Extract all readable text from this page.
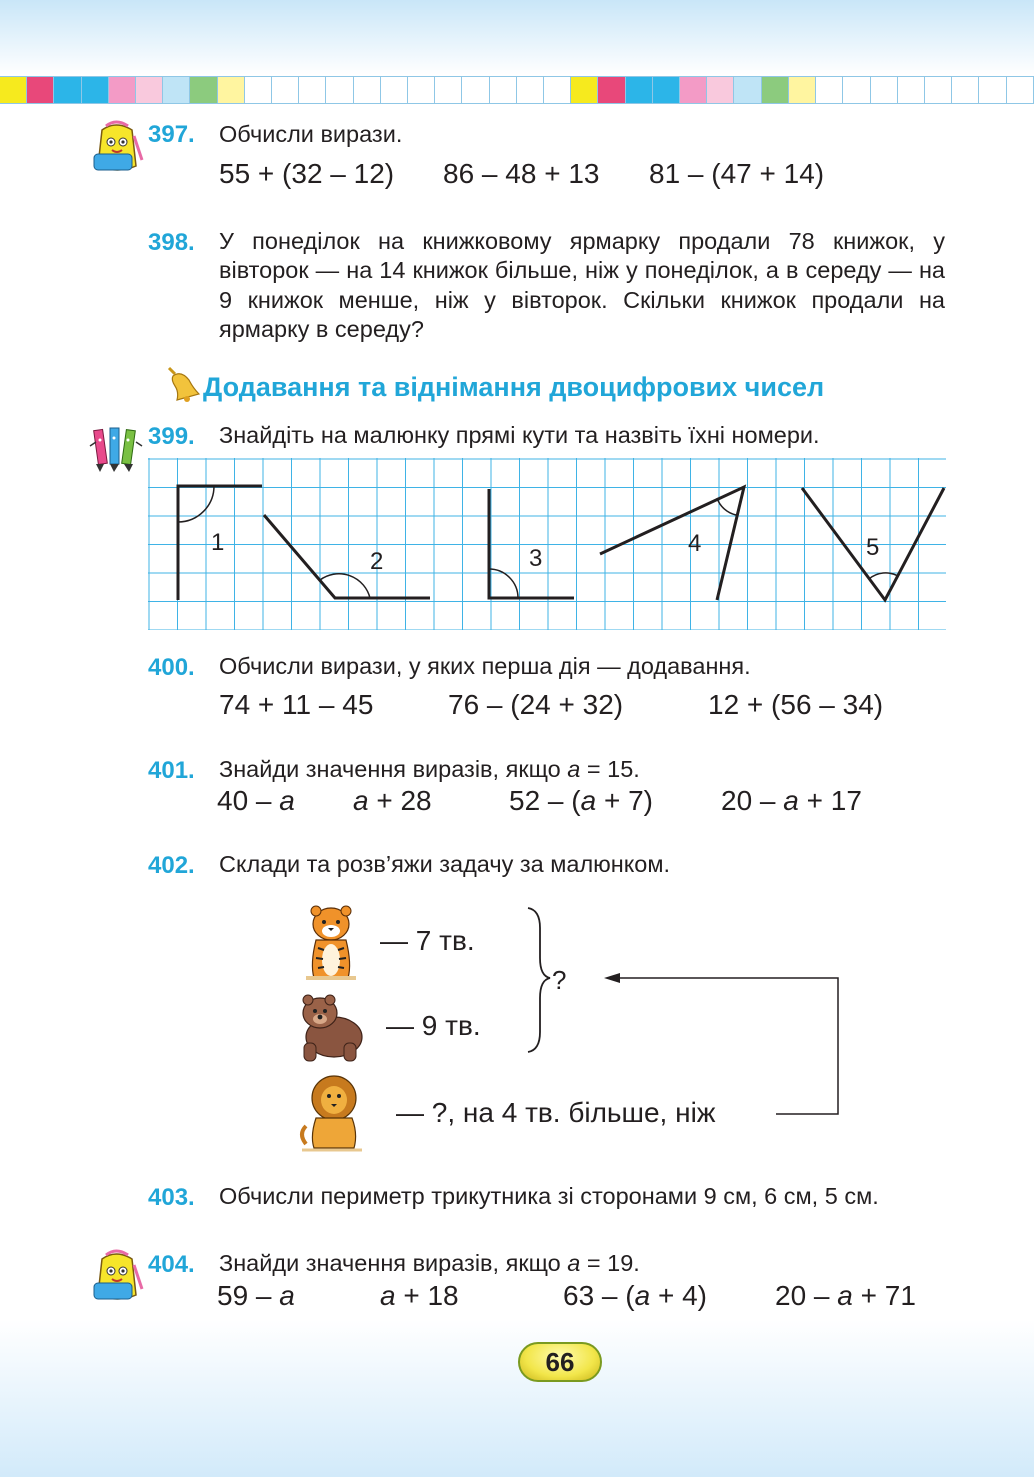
397. Обчисли вирази.
55 + (32 – 12) 86 – 48 + 13 81 – (47 + 14)
398. У понеділок на книжковому ярмарку продали 78 книжок, у вівторок — на 14 книжок більше, ніж у понеділок, а в середу — на 9 книжок менше, ніж у вівторок. Скільки книжок продали на ярмарку в середу?
Додавання та віднімання двоцифрових чисел
399. Знайдіть на малюнку прямі кути та назвіть їхні номери.
1
2	3
4	5
400. Обчисли вирази, у яких перша дія — додавання.
74 + 11 – 45	76 – (24 + 32)	12 + (56 – 34)
401. Знайди значення виразів, якщо a = 15.
40 – a a + 28	52 – (a + 7) 20 – a + 17
402. Склади та розв’яжи задачу за малюнком.
— 7 тв.
— 9 тв.
— ?, на 4 тв. більше, ніж
?
403. Обчисли периметр трикутника зі сторонами 9 см, 6 см, 5 см.
404. Знайди значення виразів, якщо a = 19.
59 – a	a + 18	63 – (a + 4) 20 – a + 71
66
